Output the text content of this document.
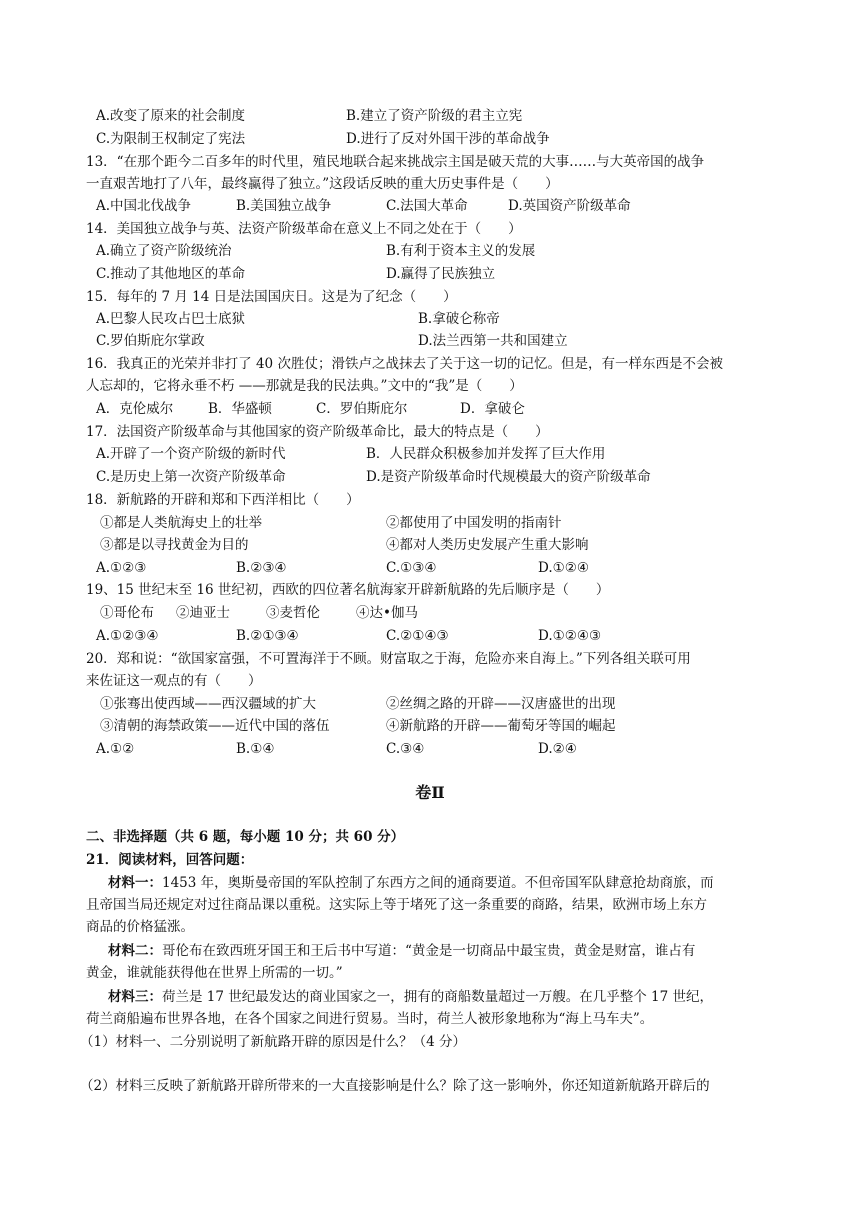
A.改变了原来的社会制度	B.建立了资产阶级的君主立宪
C.为限制王权制定了宪法	D.进行了反对外国干涉的革命战争
13．“在那个距今二百多年的时代里，殖民地联合起来挑战宗主国是破天荒的大事……与大英帝国的战争
一直艰苦地打了八年，最终赢得了独立。”这段话反映的重大历史事件是（　　）
A.中国北伐战争	B.美国独立战争	C.法国大革命	D.英国资产阶级革命
14．美国独立战争与英、法资产阶级革命在意义上不同之处在于（　　）
A.确立了资产阶级统治	B.有利于资本主义的发展
C.推动了其他地区的革命	D.赢得了民族独立
15．每年的 7 月 14 日是法国国庆日。这是为了纪念（　　）
A.巴黎人民攻占巴士底狱	B.拿破仑称帝
C.罗伯斯庇尔掌政	D.法兰西第一共和国建立
16．我真正的光荣并非打了 40 次胜仗；滑铁卢之战抹去了关于这一切的记忆。但是，有一样东西是不会被
人忘却的，它将永垂不朽 ——那就是我的民法典。”文中的“我”是（　　）
A．克伦威尔	B．华盛顿	C．罗伯斯庇尔	D．拿破仑
17．法国资产阶级革命与其他国家的资产阶级革命比，最大的特点是（　　）
A.开辟了一个资产阶级的新时代	B．人民群众积极参加并发挥了巨大作用
C.是历史上第一次资产阶级革命	D.是资产阶级革命时代规模最大的资产阶级革命
18．新航路的开辟和郑和下西洋相比（　　）
①都是人类航海史上的壮举	②都使用了中国发明的指南针
③都是以寻找黄金为目的	④都对人类历史发展产生重大影响
A.①②③	B.②③④	C.①③④	D.①②④
19、15 世纪末至 16 世纪初，西欧的四位著名航海家开辟新航路的先后顺序是（　　）
①哥伦布 ②迪亚士	③麦哲伦	④达•伽马
A.①②③④	B.②①③④	C.②①④③	D.①②④③
20．郑和说：“欲国家富强，不可置海洋于不顾。财富取之于海，危险亦来自海上。”下列各组关联可用
来佐证这一观点的有（　　）
①张骞出使西域——西汉疆域的扩大	②丝绸之路的开辟——汉唐盛世的出现
③清朝的海禁政策——近代中国的落伍	④新航路的开辟——葡萄牙等国的崛起
A.①②	B.①④	C.③④	D.②④
卷Ⅱ
二、非选择题（共 6 题，每小题 10 分；共 60 分）
21．阅读材料，回答问题：
材料一：1453 年，奥斯曼帝国的军队控制了东西方之间的通商要道。不但帝国军队肆意抢劫商旅，而
且帝国当局还规定对过往商品课以重税。这实际上等于堵死了这一条重要的商路，结果，欧洲市场上东方
商品的价格猛涨。
材料二：哥伦布在致西班牙国王和王后书中写道：“黄金是一切商品中最宝贵，黄金是财富，谁占有
黄金，谁就能获得他在世界上所需的一切。”
材料三：荷兰是 17 世纪最发达的商业国家之一，拥有的商船数量超过一万艘。在几乎整个 17 世纪，
荷兰商船遍布世界各地，在各个国家之间进行贸易。当时，荷兰人被形象地称为“海上马车夫”。
（1）材料一、二分别说明了新航路开辟的原因是什么？（4 分）
（2）材料三反映了新航路开辟所带来的一大直接影响是什么？除了这一影响外，你还知道新航路开辟后的
